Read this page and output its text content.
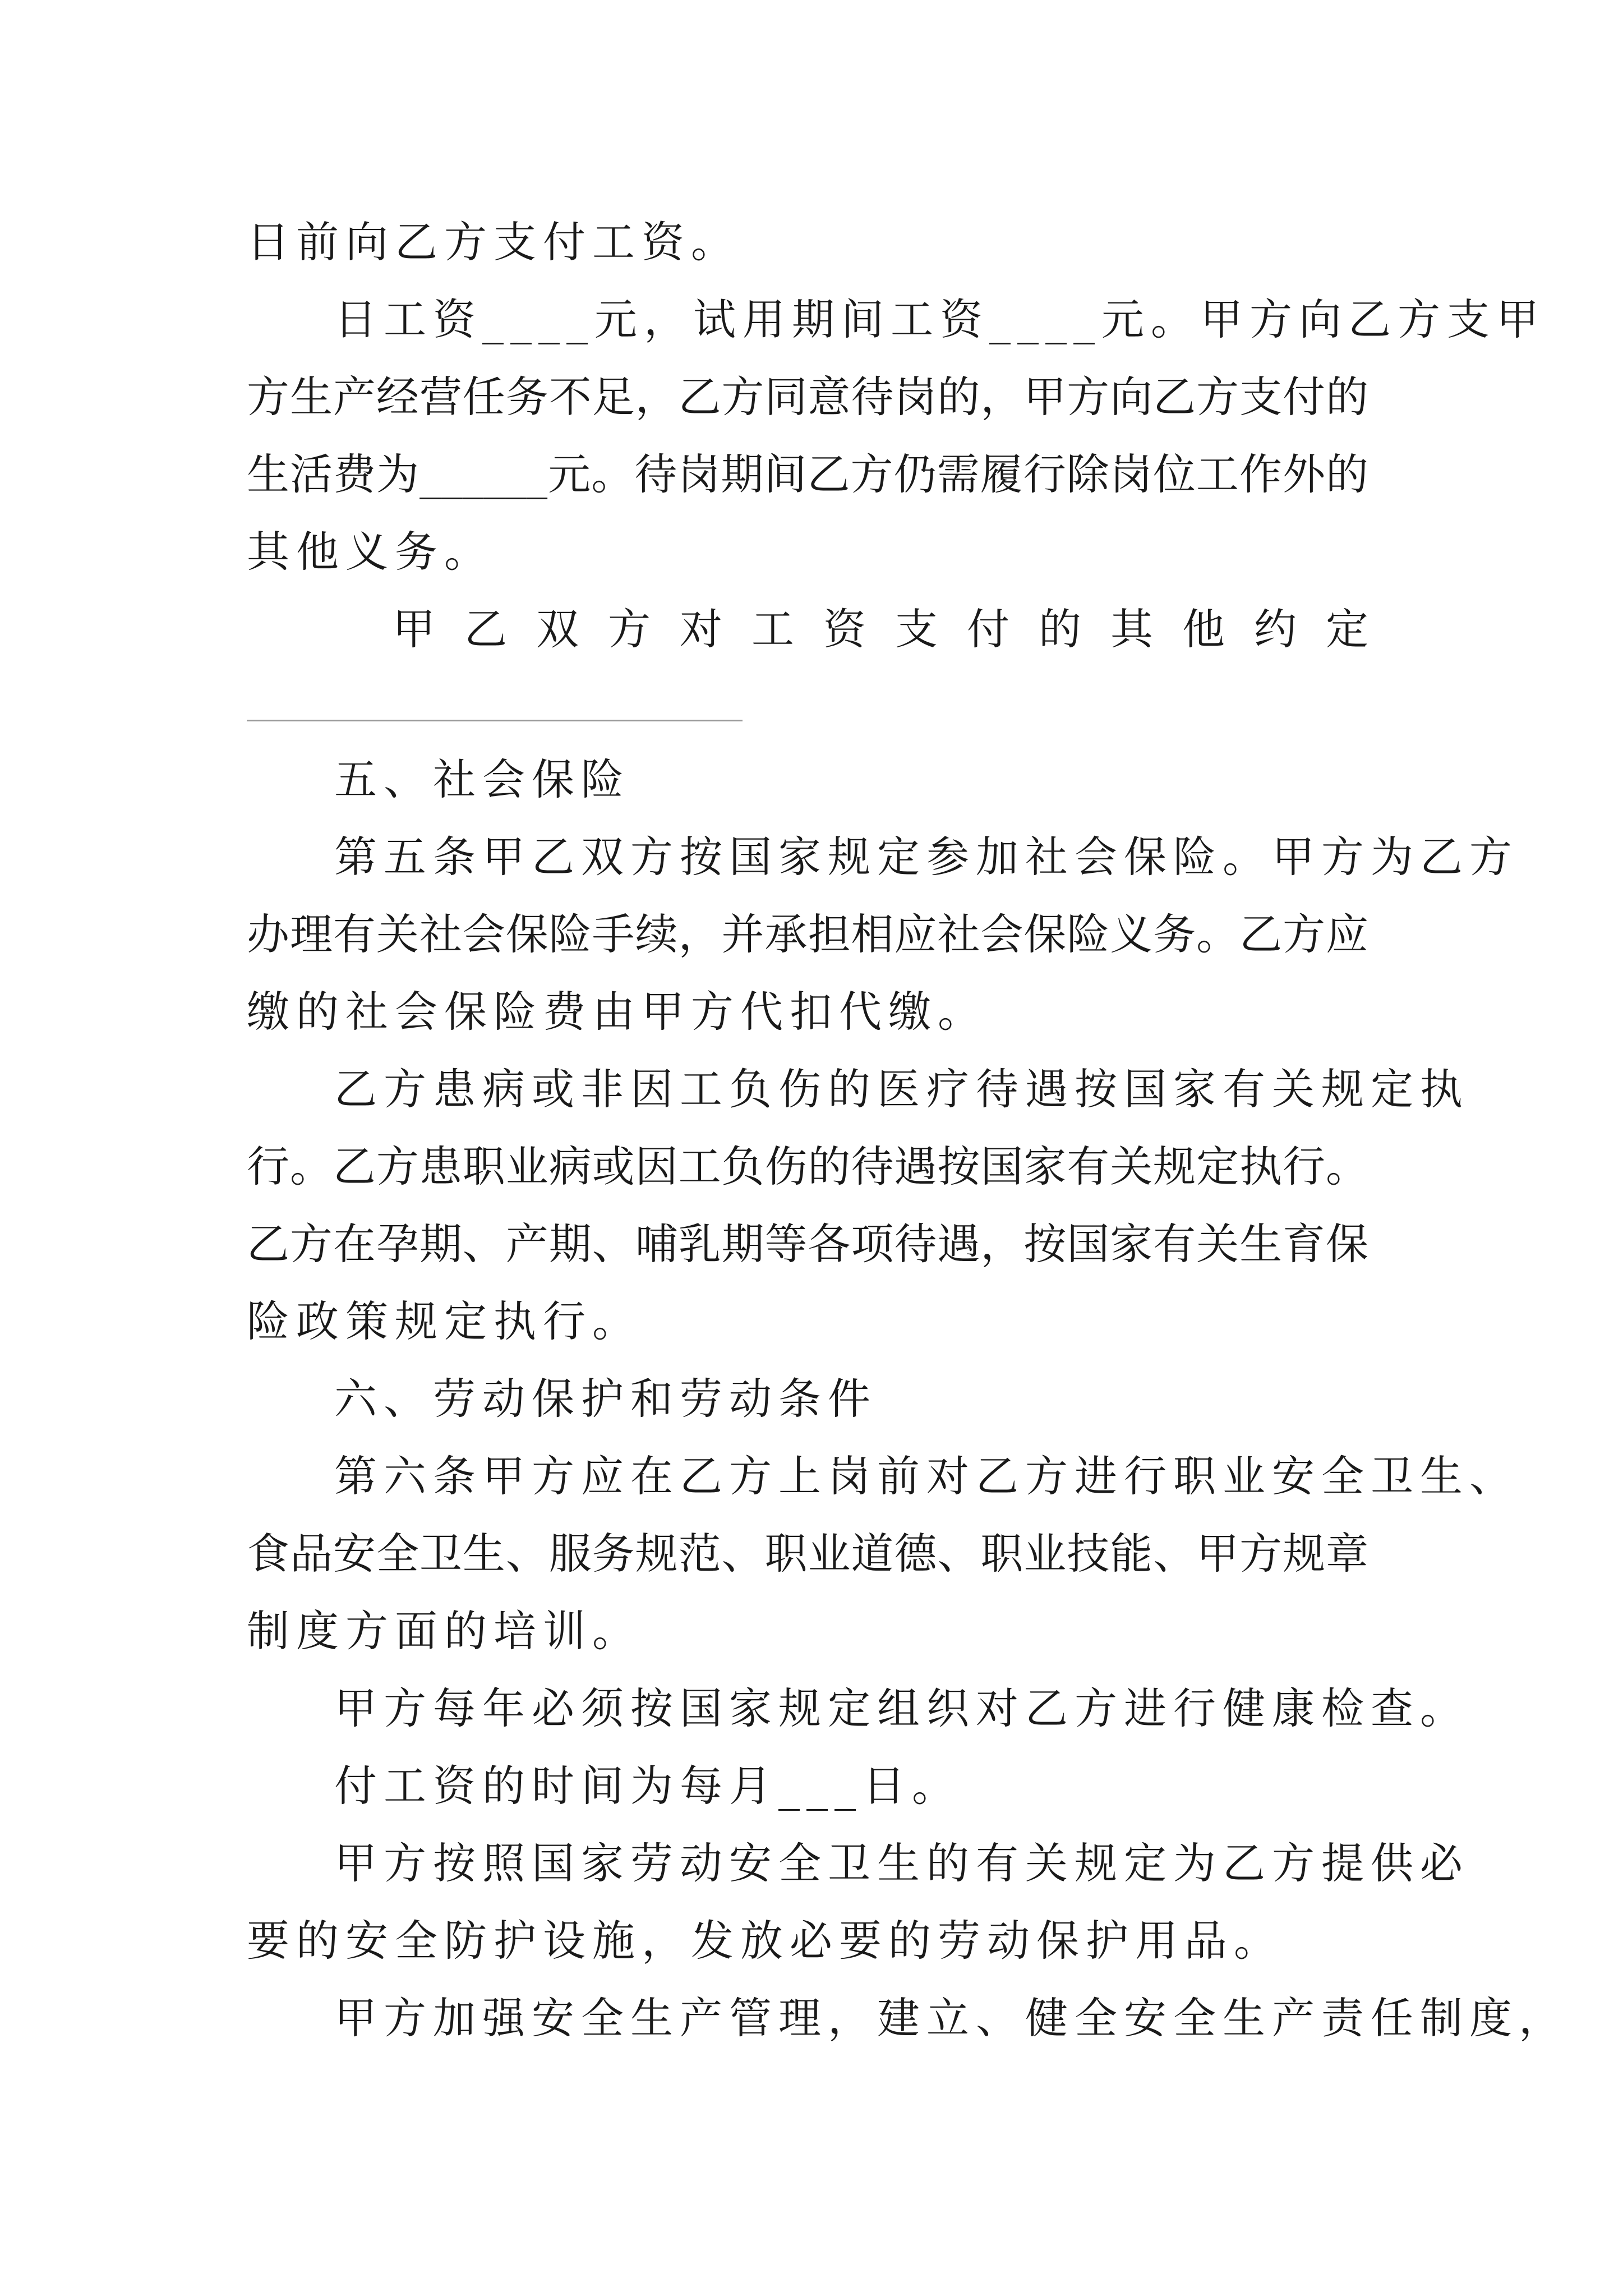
日前向乙方支付工资。
日工资____元，试用期间工资____元。甲方向乙方支甲
方生产经营任务不足，乙方同意待岗的，甲方向乙方支付的
生活费为______元。待岗期间乙方仍需履行除岗位工作外的
其他义务。
甲乙双方对工资支付的其他约定
五、社会保险
第五条甲乙双方按国家规定参加社会保险。甲方为乙方
办理有关社会保险手续，并承担相应社会保险义务。乙方应
缴的社会保险费由甲方代扣代缴。
乙方患病或非因工负伤的医疗待遇按国家有关规定执
行。乙方患职业病或因工负伤的待遇按国家有关规定执行。
乙方在孕期、产期、哺乳期等各项待遇，按国家有关生育保
险政策规定执行。
六、劳动保护和劳动条件
第六条甲方应在乙方上岗前对乙方进行职业安全卫生、
食品安全卫生、服务规范、职业道德、职业技能、甲方规章
制度方面的培训。
甲方每年必须按国家规定组织对乙方进行健康检查。
付工资的时间为每月___日。
甲方按照国家劳动安全卫生的有关规定为乙方提供必
要的安全防护设施，发放必要的劳动保护用品。
甲方加强安全生产管理，建立、健全安全生产责任制度，
